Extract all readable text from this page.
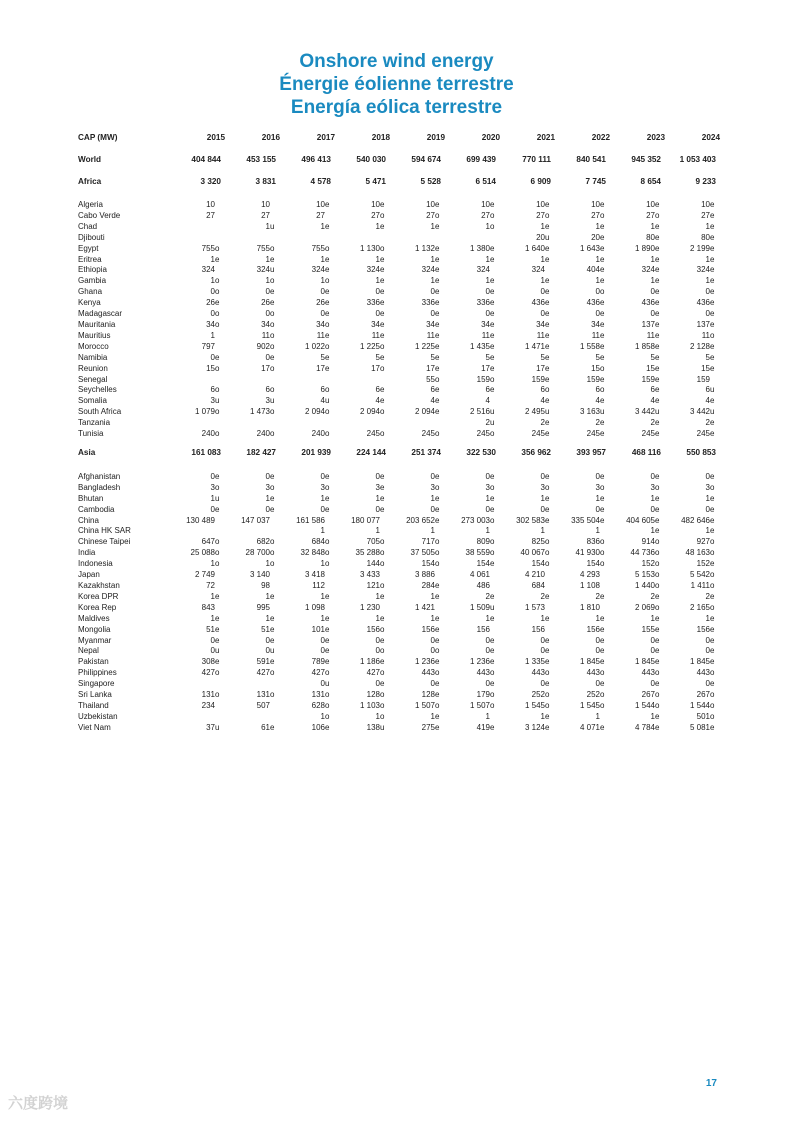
Onshore wind energy
Énergie éolienne terrestre
Energía eólica terrestre
CAP (MW)	2015		2016		2017		2018		2019		2020		2021		2022		2023		2024	

World	404 844		453 155		496 413		540 030		594 674		699 439		770 111		840 541		945 352		1 053 403	

Africa	3 320		3 831		4 578		5 471		5 528		6 514		6 909		7 745		8 654		9 233	

Algeria	10		10		10	e	10	e	10	e	10	e	10	e	10	e	10	e	10	e
Cabo Verde	27		27		27		27	o	27	o	27	o	27	o	27	o	27	o	27	e
Chad			1	u	1	e	1	e	1	e	1	o	1	e	1	e	1	e	1	e
Djibouti													20	u	20	e	80	e	80	e
Egypt	755	o	755	o	755	o	1 130	o	1 132	e	1 380	e	1 640	e	1 643	e	1 890	e	2 199	e
Eritrea	1	e	1	e	1	e	1	e	1	e	1	e	1	e	1	e	1	e	1	e
Ethiopia	324		324	u	324	e	324	e	324	e	324		324		404	e	324	e	324	e
Gambia	1	o	1	o	1	o	1	e	1	e	1	e	1	e	1	e	1	e	1	e
Ghana	0	o	0	e	0	e	0	e	0	e	0	e	0	e	0	o	0	e	0	e
Kenya	26	e	26	e	26	e	336	e	336	e	336	e	436	e	436	e	436	e	436	e
Madagascar	0	o	0	o	0	e	0	e	0	e	0	e	0	e	0	e	0	e	0	e
Mauritania	34	o	34	o	34	o	34	e	34	e	34	e	34	e	34	e	137	e	137	e
Mauritius	1		11	o	11	e	11	e	11	e	11	e	11	e	11	e	11	e	11	o
Morocco	797		902	o	1 022	o	1 225	o	1 225	e	1 435	e	1 471	e	1 558	e	1 858	e	2 128	e
Namibia	0	e	0	e	5	e	5	e	5	e	5	e	5	e	5	e	5	e	5	e
Reunion	15	o	17	o	17	e	17	o	17	e	17	e	17	e	15	o	15	e	15	e
Senegal									55	o	159	o	159	e	159	e	159	e	159	
Seychelles	6	o	6	o	6	o	6	e	6	e	6	e	6	o	6	o	6	e	6	u
Somalia	3	u	3	u	4	u	4	e	4	e	4		4	e	4	e	4	e	4	e
South Africa	1 079	o	1 473	o	2 094	o	2 094	o	2 094	e	2 516	u	2 495	u	3 163	u	3 442	u	3 442	u
Tanzania											2	u	2	e	2	e	2	e	2	e
Tunisia	240	o	240	o	240	o	245	o	245	o	245	o	245	e	245	e	245	e	245	e

Asia	161 083		182 427		201 939		224 144		251 374		322 530		356 962		393 957		468 116		550 853	

Afghanistan	0	e	0	e	0	e	0	e	0	e	0	e	0	e	0	e	0	e	0	e
Bangladesh	3	o	3	o	3	o	3	e	3	o	3	o	3	o	3	o	3	o	3	o
Bhutan	1	u	1	e	1	e	1	e	1	e	1	e	1	e	1	e	1	e	1	e
Cambodia	0	e	0	e	0	e	0	e	0	e	0	e	0	e	0	e	0	e	0	e
China	130 489		147 037		161 586		180 077		203 652	e	273 003	o	302 583	e	335 504	e	404 605	e	482 646	e
China HK SAR					1		1		1		1		1		1		1	e	1	e
Chinese Taipei	647	o	682	o	684	o	705	o	717	o	809	o	825	o	836	o	914	o	927	o
India	25 088	o	28 700	o	32 848	o	35 288	o	37 505	o	38 559	o	40 067	o	41 930	o	44 736	o	48 163	o
Indonesia	1	o	1	o	1	o	144	o	154	o	154	e	154	o	154	o	152	o	152	e
Japan	2 749		3 140		3 418		3 433		3 886		4 061		4 210		4 293		5 153	o	5 542	o
Kazakhstan	72		98		112		121	o	284	e	486		684		1 108		1 440	o	1 411	o
Korea DPR	1	e	1	e	1	e	1	e	1	e	2	e	2	e	2	e	2	e	2	e
Korea Rep	843		995		1 098		1 230		1 421		1 509	u	1 573		1 810		2 069	o	2 165	o
Maldives	1	e	1	e	1	e	1	e	1	e	1	e	1	e	1	e	1	e	1	e
Mongolia	51	e	51	e	101	e	156	o	156	e	156		156		156	e	155	e	156	e
Myanmar	0	e	0	e	0	e	0	e	0	e	0	e	0	e	0	e	0	e	0	e
Nepal	0	u	0	u	0	e	0	o	0	o	0	e	0	e	0	e	0	e	0	e
Pakistan	308	e	591	e	789	e	1 186	e	1 236	e	1 236	e	1 335	e	1 845	e	1 845	e	1 845	e
Philippines	427	o	427	o	427	o	427	o	443	o	443	o	443	o	443	o	443	o	443	o
Singapore					0	u	0	e	0	e	0	e	0	e	0	e	0	e	0	e
Sri Lanka	131	o	131	o	131	o	128	o	128	e	179	o	252	o	252	o	267	o	267	o
Thailand	234		507		628	o	1 103	o	1 507	o	1 507	o	1 545	o	1 545	o	1 544	o	1 544	o
Uzbekistan					1	o	1	o	1	e	1		1	e	1		1	e	501	o
Viet Nam	37	u	61	e	106	e	138	u	275	e	419	e	3 124	e	4 071	e	4 784	e	5 081	e
17
六度跨境
